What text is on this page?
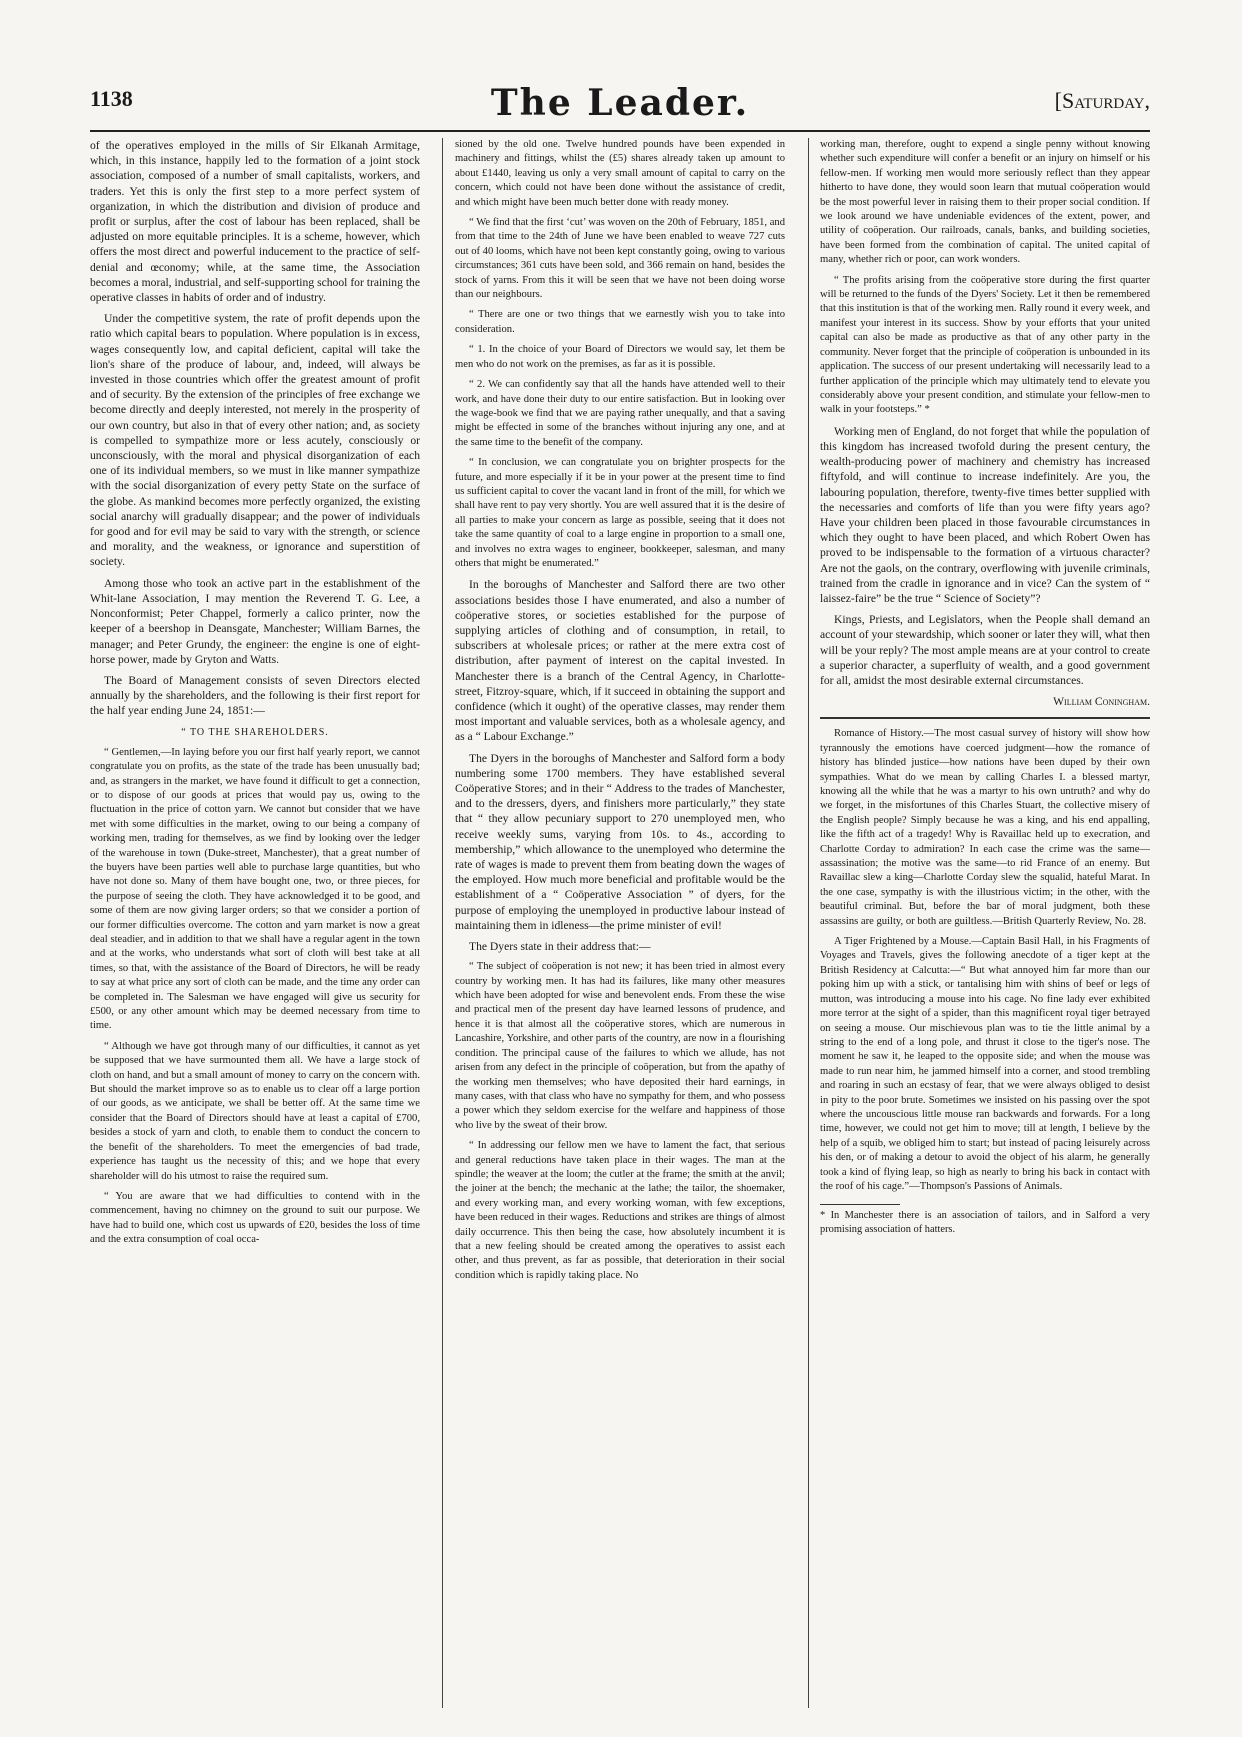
1138	The Leader.	[Saturday,

of the operatives employed in the mills of Sir Elkanah Armitage, which, in this instance, happily led to the formation of a joint stock association, composed of a number of small capitalists, workers, and traders. Yet this is only the first step to a more perfect system of organization, in which the distribution and division of produce and profit or surplus, after the cost of labour has been replaced, shall be adjusted on more equitable principles. It is a scheme, however, which offers the most direct and powerful inducement to the practice of self-denial and œconomy; while, at the same time, the Association becomes a moral, industrial, and self-supporting school for training the operative classes in habits of order and of industry.

Under the competitive system, the rate of profit depends upon the ratio which capital bears to population. Where population is in excess, wages consequently low, and capital deficient, capital will take the lion's share of the produce of labour, and, indeed, will always be invested in those countries which offer the greatest amount of profit and of security. By the extension of the principles of free exchange we become directly and deeply interested, not merely in the prosperity of our own country, but also in that of every other nation; and, as society is compelled to sympathize more or less acutely, consciously or unconsciously, with the moral and physical disorganization of each one of its individual members, so we must in like manner sympathize with the social disorganization of every petty State on the surface of the globe. As mankind becomes more perfectly organized, the existing social anarchy will gradually disappear; and the power of individuals for good and for evil may be said to vary with the strength, or science and morality, and the weakness, or ignorance and superstition of society.

Among those who took an active part in the establishment of the Whit-lane Association, I may mention the Reverend T. G. Lee, a Nonconformist; Peter Chappel, formerly a calico printer, now the keeper of a beershop in Deansgate, Manchester; William Barnes, the manager; and Peter Grundy, the engineer: the engine is one of eight-horse power, made by Gryton and Watts.

The Board of Management consists of seven Directors elected annually by the shareholders, and the following is their first report for the half year ending June 24, 1851:—

“ TO THE SHAREHOLDERS.

“ Gentlemen,—In laying before you our first half yearly report, we cannot congratulate you on profits, as the state of the trade has been unusually bad; and, as strangers in the market, we have found it difficult to get a connection, or to dispose of our goods at prices that would pay us, owing to the fluctuation in the price of cotton yarn. We cannot but consider that we have met with some difficulties in the market, owing to our being a company of working men, trading for themselves, as we find by looking over the ledger of the warehouse in town (Duke-street, Manchester), that a great number of the buyers have been parties well able to purchase large quantities, but who have not done so. Many of them have bought one, two, or three pieces, for the purpose of seeing the cloth. They have acknowledged it to be good, and some of them are now giving larger orders; so that we consider a portion of our former difficulties overcome. The cotton and yarn market is now a great deal steadier, and in addition to that we shall have a regular agent in the town and at the works, who understands what sort of cloth will best take at all times, so that, with the assistance of the Board of Directors, he will be ready to say at what price any sort of cloth can be made, and the time any order can be completed in. The Salesman we have engaged will give us security for £500, or any other amount which may be deemed necessary from time to time.

“ Although we have got through many of our difficulties, it cannot as yet be supposed that we have surmounted them all. We have a large stock of cloth on hand, and but a small amount of money to carry on the concern with. But should the market improve so as to enable us to clear off a large portion of our goods, as we anticipate, we shall be better off. At the same time we consider that the Board of Directors should have at least a capital of £700, besides a stock of yarn and cloth, to enable them to conduct the concern to the benefit of the shareholders. To meet the emergencies of bad trade, experience has taught us the necessity of this; and we hope that every shareholder will do his utmost to raise the required sum.

“ You are aware that we had difficulties to contend with in the commencement, having no chimney on the ground to suit our purpose. We have had to build one, which cost us upwards of £20, besides the loss of time and the extra consumption of coal occa-

sioned by the old one. Twelve hundred pounds have been expended in machinery and fittings, whilst the (£5) shares already taken up amount to about £1440, leaving us only a very small amount of capital to carry on the concern, which could not have been done without the assistance of credit, and which might have been much better done with ready money.

“ We find that the first ‘cut’ was woven on the 20th of February, 1851, and from that time to the 24th of June we have been enabled to weave 727 cuts out of 40 looms, which have not been kept constantly going, owing to various circumstances; 361 cuts have been sold, and 366 remain on hand, besides the stock of yarns. From this it will be seen that we have not been doing worse than our neighbours.

“ There are one or two things that we earnestly wish you to take into consideration.

“ 1. In the choice of your Board of Directors we would say, let them be men who do not work on the premises, as far as it is possible.

“ 2. We can confidently say that all the hands have attended well to their work, and have done their duty to our entire satisfaction. But in looking over the wage-book we find that we are paying rather unequally, and that a saving might be effected in some of the branches without injuring any one, and at the same time to the benefit of the company.

“ In conclusion, we can congratulate you on brighter prospects for the future, and more especially if it be in your power at the present time to find us sufficient capital to cover the vacant land in front of the mill, for which we shall have rent to pay very shortly. You are well assured that it is the desire of all parties to make your concern as large as possible, seeing that it does not take the same quantity of coal to a large engine in proportion to a small one, and involves no extra wages to engineer, bookkeeper, salesman, and many others that might be enumerated.”

In the boroughs of Manchester and Salford there are two other associations besides those I have enumerated, and also a number of coöperative stores, or societies established for the purpose of supplying articles of clothing and of consumption, in retail, to subscribers at wholesale prices; or rather at the mere extra cost of distribution, after payment of interest on the capital invested. In Manchester there is a branch of the Central Agency, in Charlotte-street, Fitzroy-square, which, if it succeed in obtaining the support and confidence (which it ought) of the operative classes, may render them most important and valuable services, both as a wholesale agency, and as a “ Labour Exchange.”

The Dyers in the boroughs of Manchester and Salford form a body numbering some 1700 members. They have established several Coöperative Stores; and in their “ Address to the trades of Manchester, and to the dressers, dyers, and finishers more particularly,” they state that “ they allow pecuniary support to 270 unemployed men, who receive weekly sums, varying from 10s. to 4s., according to membership,” which allowance to the unemployed who determine the rate of wages is made to prevent them from beating down the wages of the employed. How much more beneficial and profitable would be the establishment of a “ Coöperative Association ” of dyers, for the purpose of employing the unemployed in productive labour instead of maintaining them in idleness—the prime minister of evil!

The Dyers state in their address that:—

“ The subject of coöperation is not new; it has been tried in almost every country by working men. It has had its failures, like many other measures which have been adopted for wise and benevolent ends. From these the wise and practical men of the present day have learned lessons of prudence, and hence it is that almost all the coöperative stores, which are numerous in Lancashire, Yorkshire, and other parts of the country, are now in a flourishing condition. The principal cause of the failures to which we allude, has not arisen from any defect in the principle of coöperation, but from the apathy of the working men themselves; who have deposited their hard earnings, in many cases, with that class who have no sympathy for them, and who possess a power which they seldom exercise for the welfare and happiness of those who live by the sweat of their brow.

“ In addressing our fellow men we have to lament the fact, that serious and general reductions have taken place in their wages. The man at the spindle; the weaver at the loom; the cutler at the frame; the smith at the anvil; the joiner at the bench; the mechanic at the lathe; the tailor, the shoemaker, and every working man, and every working woman, with few exceptions, have been reduced in their wages. Reductions and strikes are things of almost daily occurrence. This then being the case, how absolutely incumbent it is that a new feeling should be created among the operatives to assist each other, and thus prevent, as far as possible, that deterioration in their social condition which is rapidly taking place. No

working man, therefore, ought to expend a single penny without knowing whether such expenditure will confer a benefit or an injury on himself or his fellow-men. If working men would more seriously reflect than they appear hitherto to have done, they would soon learn that mutual coöperation would be the most powerful lever in raising them to their proper social condition. If we look around we have undeniable evidences of the extent, power, and utility of coöperation. Our railroads, canals, banks, and building societies, have been formed from the combination of capital. The united capital of many, whether rich or poor, can work wonders.

“ The profits arising from the coöperative store during the first quarter will be returned to the funds of the Dyers' Society. Let it then be remembered that this institution is that of the working men. Rally round it every week, and manifest your interest in its success. Show by your efforts that your united capital can also be made as productive as that of any other party in the community. Never forget that the principle of coöperation is unbounded in its application. The success of our present undertaking will necessarily lead to a further application of the principle which may ultimately tend to elevate you considerably above your present condition, and stimulate your fellow-men to walk in your footsteps.” *

Working men of England, do not forget that while the population of this kingdom has increased twofold during the present century, the wealth-producing power of machinery and chemistry has increased fiftyfold, and will continue to increase indefinitely. Are you, the labouring population, therefore, twenty-five times better supplied with the necessaries and comforts of life than you were fifty years ago? Have your children been placed in those favourable circumstances in which they ought to have been placed, and which Robert Owen has proved to be indispensable to the formation of a virtuous character? Are not the gaols, on the contrary, overflowing with juvenile criminals, trained from the cradle in ignorance and in vice? Can the system of “ laissez-faire” be the true “ Science of Society”?

Kings, Priests, and Legislators, when the People shall demand an account of your stewardship, which sooner or later they will, what then will be your reply? The most ample means are at your control to create a superior character, a superfluity of wealth, and a good government for all, amidst the most desirable external circumstances.

William Coningham.

Romance of History.—The most casual survey of history will show how tyrannously the emotions have coerced judgment—how the romance of history has blinded justice—how nations have been duped by their own sympathies. What do we mean by calling Charles I. a blessed martyr, knowing all the while that he was a martyr to his own untruth? and why do we forget, in the misfortunes of this Charles Stuart, the collective misery of the English people? Simply because he was a king, and his end appalling, like the fifth act of a tragedy! Why is Ravaillac held up to execration, and Charlotte Corday to admiration? In each case the crime was the same—assassination; the motive was the same—to rid France of an enemy. But Ravaillac slew a king—Charlotte Corday slew the squalid, hateful Marat. In the one case, sympathy is with the illustrious victim; in the other, with the beautiful criminal. But, before the bar of moral judgment, both these assassins are guilty, or both are guiltless.—British Quarterly Review, No. 28.

A Tiger Frightened by a Mouse.—Captain Basil Hall, in his Fragments of Voyages and Travels, gives the following anecdote of a tiger kept at the British Residency at Calcutta:—“ But what annoyed him far more than our poking him up with a stick, or tantalising him with shins of beef or legs of mutton, was introducing a mouse into his cage. No fine lady ever exhibited more terror at the sight of a spider, than this magnificent royal tiger betrayed on seeing a mouse. Our mischievous plan was to tie the little animal by a string to the end of a long pole, and thrust it close to the tiger's nose. The moment he saw it, he leaped to the opposite side; and when the mouse was made to run near him, he jammed himself into a corner, and stood trembling and roaring in such an ecstasy of fear, that we were always obliged to desist in pity to the poor brute. Sometimes we insisted on his passing over the spot where the uncouscious little mouse ran backwards and forwards. For a long time, however, we could not get him to move; till at length, I believe by the help of a squib, we obliged him to start; but instead of pacing leisurely across his den, or of making a detour to avoid the object of his alarm, he generally took a kind of flying leap, so high as nearly to bring his back in contact with the roof of his cage.”—Thompson's Passions of Animals.

* In Manchester there is an association of tailors, and in Salford a very promising association of hatters.
